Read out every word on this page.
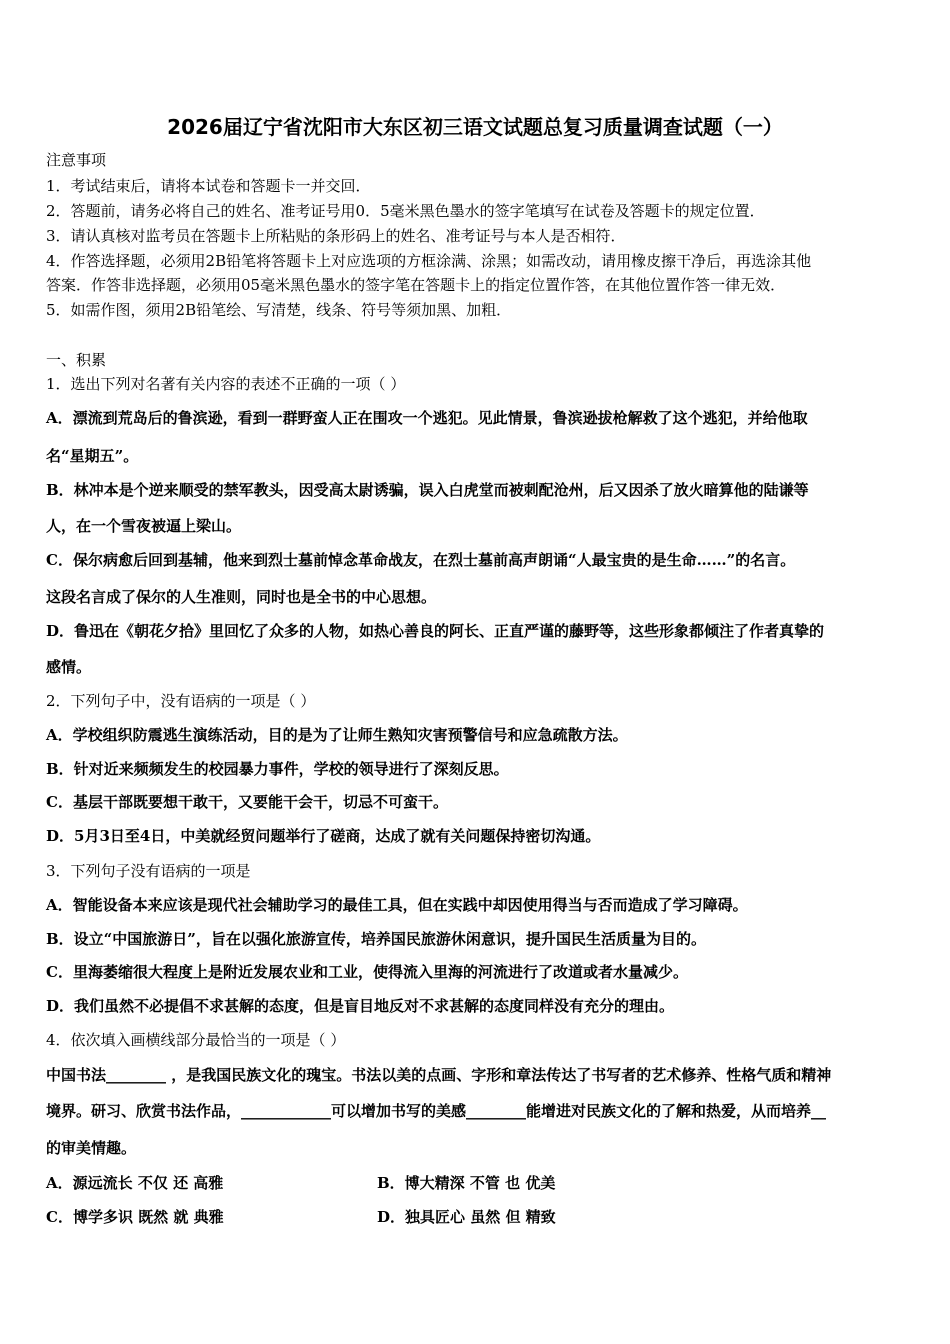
2026届辽宁省沈阳市大东区初三语文试题总复习质量调查试题（一）
注意事项
1．考试结束后，请将本试卷和答题卡一并交回．
2．答题前，请务必将自己的姓名、准考证号用0．5毫米黑色墨水的签字笔填写在试卷及答题卡的规定位置．
3．请认真核对监考员在答题卡上所粘贴的条形码上的姓名、准考证号与本人是否相符．
4．作答选择题，必须用2B铅笔将答题卡上对应选项的方框涂满、涂黑；如需改动，请用橡皮擦干净后，再选涂其他
答案．作答非选择题，必须用05毫米黑色墨水的签字笔在答题卡上的指定位置作答，在其他位置作答一律无效．
5．如需作图，须用2B铅笔绘、写清楚，线条、符号等须加黑、加粗．
一、积累
1．选出下列对名著有关内容的表述不正确的一项（ ）
A．漂流到荒岛后的鲁滨逊，看到一群野蛮人正在围攻一个逃犯。见此情景，鲁滨逊拔枪解救了这个逃犯，并给他取
名“星期五”。
B．林冲本是个逆来顺受的禁军教头，因受高太尉诱骗，误入白虎堂而被刺配沧州，后又因杀了放火暗算他的陆谦等
人，在一个雪夜被逼上梁山。
C．保尔病愈后回到基辅，他来到烈士墓前悼念革命战友，在烈士墓前高声朗诵“人最宝贵的是生命……”的名言。
这段名言成了保尔的人生准则，同时也是全书的中心思想。
D．鲁迅在《朝花夕拾》里回忆了众多的人物，如热心善良的阿长、正直严谨的藤野等，这些形象都倾注了作者真挚的
感情。
2．下列句子中，没有语病的一项是（ ）
A．学校组织防震逃生演练活动，目的是为了让师生熟知灾害预警信号和应急疏散方法。
B．针对近来频频发生的校园暴力事件，学校的领导进行了深刻反思。
C．基层干部既要想干敢干，又要能干会干，切忌不可蛮干。
D．5月3日至4日，中美就经贸问题举行了磋商，达成了就有关问题保持密切沟通。
3．下列句子没有语病的一项是
A．智能设备本来应该是现代社会辅助学习的最佳工具，但在实践中却因使用得当与否而造成了学习障碍。
B．设立“中国旅游日”，旨在以强化旅游宣传，培养国民旅游休闲意识，提升国民生活质量为目的。
C．里海萎缩很大程度上是附近发展农业和工业，使得流入里海的河流进行了改道或者水量减少。
D．我们虽然不必提倡不求甚解的态度，但是盲目地反对不求甚解的态度同样没有充分的理由。
4．依次填入画横线部分最恰当的一项是（ ）
中国书法________ ，是我国民族文化的瑰宝。书法以美的点画、字形和章法传达了书写者的艺术修养、性格气质和精神
境界。研习、欣赏书法作品，____________可以增加书写的美感________能增进对民族文化的了解和热爱，从而培养__
的审美情趣。
A．源远流长 不仅 还 高雅	B．博大精深 不管 也 优美
C．博学多识 既然 就 典雅	D．独具匠心 虽然 但 精致
